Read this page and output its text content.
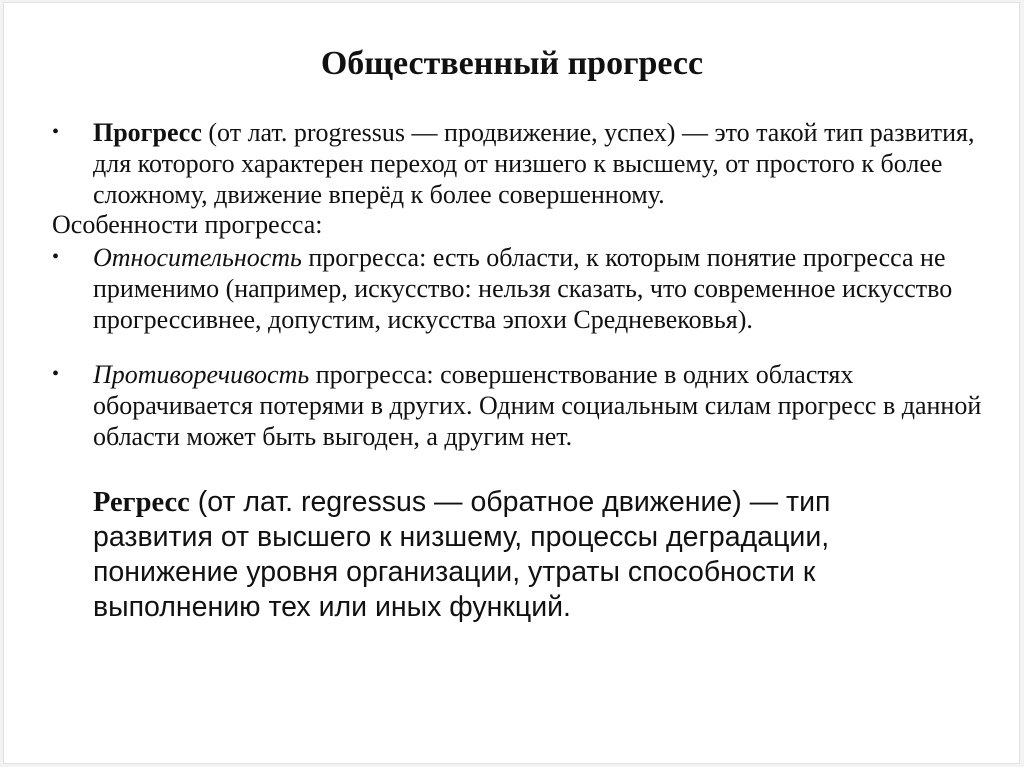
Общественный прогресс
• Прогресс (от лат. progressus — продвижение, успех) — это такой тип развития, для которого характерен переход от низшего к высшему, от простого к более сложному, движение вперёд к более совершенному.
Особенности прогресса:
• Относительность прогресса: есть области, к которым понятие прогресса не применимо (например, искусство: нельзя сказать, что современное искусство прогрессивнее, допустим, искусства эпохи Средневековья).
• Противоречивость прогресса: совершенствование в одних областях оборачивается потерями в других. Одним социальным силам прогресс в данной области может быть выгоден, а другим нет.
Регресс (от лат. regressus — обратное движение) — тип развития от высшего к низшему, процессы деградации, понижение уровня организации, утраты способности к выполнению тех или иных функций.
